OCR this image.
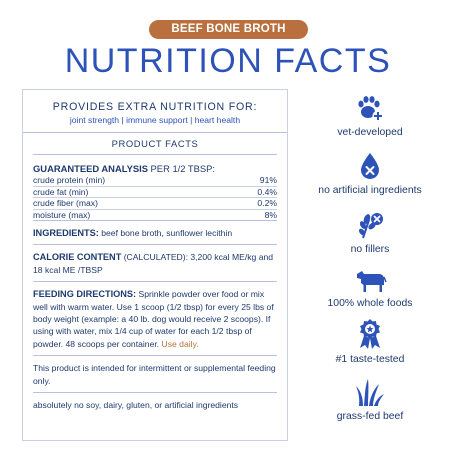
BEEF BONE BROTH
NUTRITION FACTS
PROVIDES EXTRA NUTRITION FOR:
joint strength | immune support | heart health
PRODUCT FACTS
GUARANTEED ANALYSIS PER 1/2 TBSP:
crude protein (min)	91%
crude fat (min)	0.4%
crude fiber (max)	0.2%
moisture (max)	8%
INGREDIENTS: beef bone broth, sunflower lecithin
CALORIE CONTENT (CALCULATED): 3,200 kcal ME/kg and 18 kcal ME /TBSP
FEEDING DIRECTIONS: Sprinkle powder over food or mix well with warm water. Use 1 scoop (1/2 tbsp) for every 25 lbs of body weight (example: a 40 lb. dog would receive 2 scoops). If using with water, mix 1/4 cup of water for each 1/2 tbsp of powder. 48 scoops per container. Use daily.
This product is intended for intermittent or supplemental feeding only.
absolutely no soy, dairy, gluten, or artificial ingredients
vet-developed
no artificial ingredients
no fillers
100% whole foods
#1 taste-tested
grass-fed beef
